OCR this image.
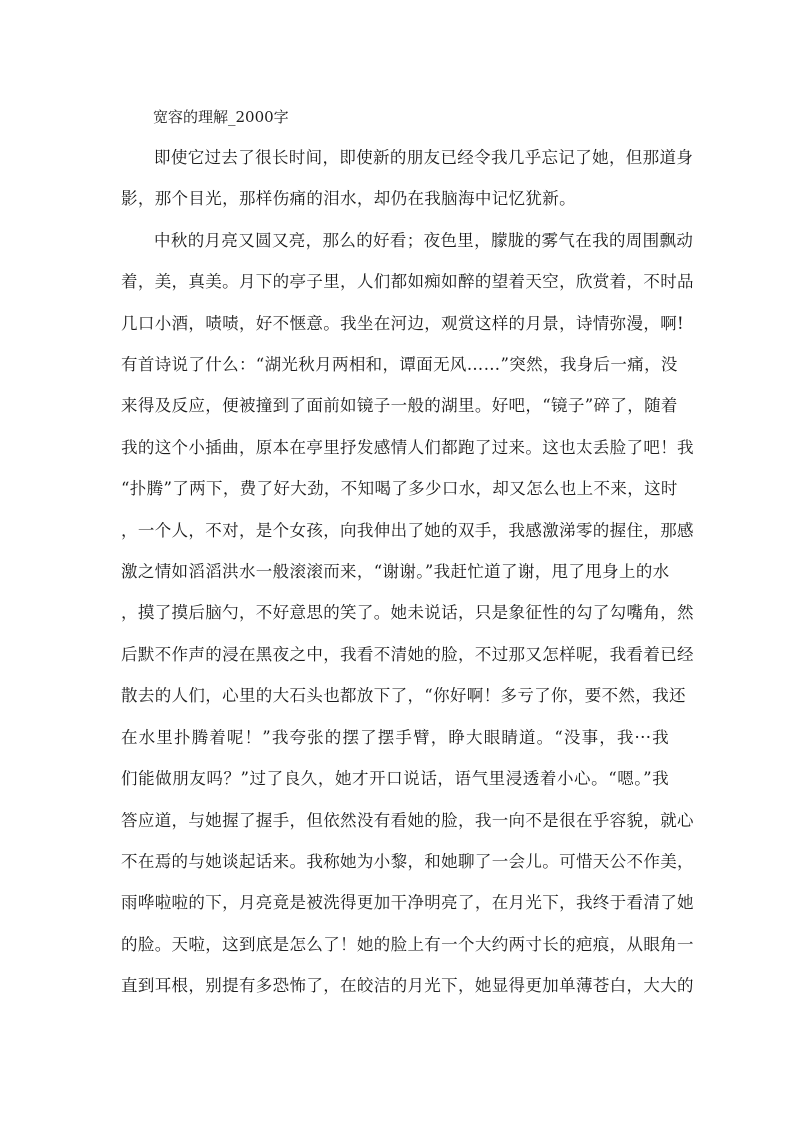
宽容的理解_2000字

即使它过去了很长时间，即使新的朋友已经令我几乎忘记了她，但那道身
影，那个目光，那样伤痛的泪水，却仍在我脑海中记忆犹新。
中秋的月亮又圆又亮，那么的好看；夜色里，朦胧的雾气在我的周围飘动
着，美，真美。月下的亭子里，人们都如痴如醉的望着天空，欣赏着，不时品
几口小酒，啧啧，好不惬意。我坐在河边，观赏这样的月景，诗情弥漫，啊!
有首诗说了什么：“湖光秋月两相和，谭面无风……”突然，我身后一痛，没
来得及反应，便被撞到了面前如镜子一般的湖里。好吧，“镜子”碎了，随着
我的这个小插曲，原本在亭里抒发感情人们都跑了过来。这也太丢脸了吧！我
“扑腾”了两下，费了好大劲，不知喝了多少口水，却又怎么也上不来，这时
，一个人，不对，是个女孩，向我伸出了她的双手，我感激涕零的握住，那感
激之情如滔滔洪水一般滚滚而来，“谢谢。”我赶忙道了谢，甩了甩身上的水
，摸了摸后脑勺，不好意思的笑了。她未说话，只是象征性的勾了勾嘴角，然
后默不作声的浸在黑夜之中，我看不清她的脸，不过那又怎样呢，我看着已经
散去的人们，心里的大石头也都放下了，“你好啊！多亏了你，要不然，我还
在水里扑腾着呢！”我夸张的摆了摆手臂，睁大眼睛道。“没事，我···我
们能做朋友吗？”过了良久，她才开口说话，语气里浸透着小心。“嗯。”我
答应道，与她握了握手，但依然没有看她的脸，我一向不是很在乎容貌，就心
不在焉的与她谈起话来。我称她为小黎，和她聊了一会儿。可惜天公不作美，
雨哗啦啦的下，月亮竟是被洗得更加干净明亮了，在月光下，我终于看清了她
的脸。天啦，这到底是怎么了！她的脸上有一个大约两寸长的疤痕，从眼角一
直到耳根，别提有多恐怖了，在皎洁的月光下，她显得更加单薄苍白，大大的
